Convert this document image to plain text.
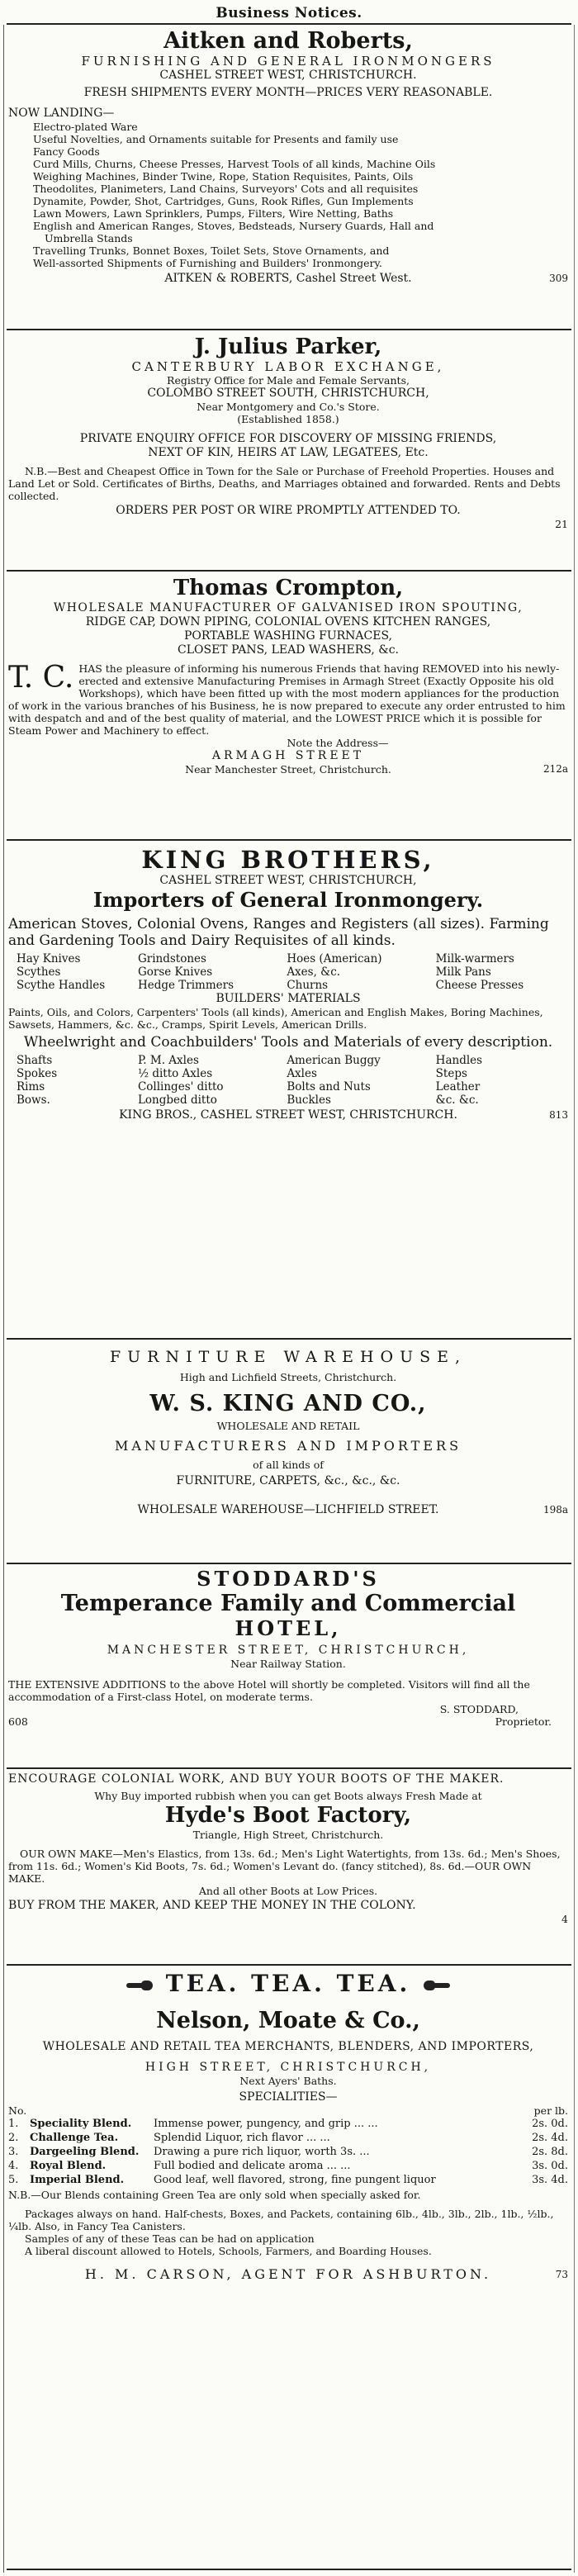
Business Notices.
Aitken and Roberts,
FURNISHING AND GENERAL IRONMONGERS
CASHEL STREET WEST, CHRISTCHURCH.
FRESH SHIPMENTS EVERY MONTH—PRICES VERY REASONABLE.
NOW LANDING—
Electro-plated Ware
Useful Novelties, and Ornaments suitable for Presents and family use
Fancy Goods
Curd Mills, Churns, Cheese Presses, Harvest Tools of all kinds, Machine Oils
Weighing Machines, Binder Twine, Rope, Station Requisites, Paints, Oils
Theodolites, Planimeters, Land Chains, Surveyors' Cots and all requisites
Dynamite, Powder, Shot, Cartridges, Guns, Rook Rifles, Gun Implements
Lawn Mowers, Lawn Sprinklers, Pumps, Filters, Wire Netting, Baths
English and American Ranges, Stoves, Bedsteads, Nursery Guards, Hall and
Umbrella Stands
Travelling Trunks, Bonnet Boxes, Toilet Sets, Stove Ornaments, and
Well-assorted Shipments of Furnishing and Builders' Ironmongery.
AITKEN & ROBERTS, Cashel Street West.	309
J. Julius Parker,
CANTERBURY LABOR EXCHANGE,
Registry Office for Male and Female Servants,
COLOMBO STREET SOUTH, CHRISTCHURCH,
Near Montgomery and Co.'s Store.
(Established 1858.)
PRIVATE ENQUIRY OFFICE FOR DISCOVERY OF MISSING FRIENDS,
NEXT OF KIN, HEIRS AT LAW, LEGATEES, Etc.
N.B.—Best and Cheapest Office in Town for the Sale or Purchase of Freehold Properties. Houses and Land Let or Sold. Certificates of Births, Deaths, and Marriages obtained and forwarded. Rents and Debts collected.
ORDERS PER POST OR WIRE PROMPTLY ATTENDED TO.
21
Thomas Crompton,
WHOLESALE MANUFACTURER OF GALVANISED IRON SPOUTING,
RIDGE CAP, DOWN PIPING, COLONIAL OVENS KITCHEN RANGES,
PORTABLE WASHING FURNACES,
CLOSET PANS, LEAD WASHERS, &c.
T. C. HAS the pleasure of informing his numerous Friends that having REMOVED into his newly-erected and extensive Manufacturing Premises in Armagh Street (Exactly Opposite his old Workshops), which have been fitted up with the most modern appliances for the production of work in the various branches of his Business, he is now prepared to execute any order entrusted to him with despatch and and of the best quality of material, and the LOWEST PRICE which it is possible for Steam Power and Machinery to effect.
Note the Address—
ARMAGH STREET
Near Manchester Street, Christchurch.	212a
KING BROTHERS,
CASHEL STREET WEST, CHRISTCHURCH,
Importers of General Ironmongery.
American Stoves, Colonial Ovens, Ranges and Registers (all sizes). Farming and Gardening Tools and Dairy Requisites of all kinds.
Hay Knives	Grindstones	Hoes (American)	Milk-warmers
Scythes	Gorse Knives	Axes, &c.	Milk Pans
Scythe Handles	Hedge Trimmers	Churns	Cheese Presses
BUILDERS' MATERIALS
Paints, Oils, and Colors, Carpenters' Tools (all kinds), American and English Makes, Boring Machines, Sawsets, Hammers, &c. &c., Cramps, Spirit Levels, American Drills.
Wheelwright and Coachbuilders' Tools and Materials of every description.
Shafts	P. M. Axles	American Buggy	Handles
Spokes	½ ditto Axles	Axles	Steps
Rims	Collinges' ditto	Bolts and Nuts	Leather
Bows.	Longbed ditto	Buckles	&c. &c.
KING BROS., CASHEL STREET WEST, CHRISTCHURCH.	813
FURNITURE WAREHOUSE,
High and Lichfield Streets, Christchurch.
W. S. KING AND CO.,
WHOLESALE AND RETAIL
MANUFACTURERS AND IMPORTERS
of all kinds of
FURNITURE, CARPETS, &c., &c., &c.
WHOLESALE WAREHOUSE—LICHFIELD STREET.	198a
STODDARD'S
Temperance Family and Commercial
HOTEL,
MANCHESTER STREET, CHRISTCHURCH,
Near Railway Station.
THE EXTENSIVE ADDITIONS to the above Hotel will shortly be completed. Visitors will find all the accommodation of a First-class Hotel, on moderate terms.
S. STODDARD,
608	Proprietor.
ENCOURAGE COLONIAL WORK, AND BUY YOUR BOOTS OF THE MAKER.
Why Buy imported rubbish when you can get Boots always Fresh Made at
Hyde's Boot Factory,
Triangle, High Street, Christchurch.
OUR OWN MAKE—Men's Elastics, from 13s. 6d.; Men's Light Watertights, from 13s. 6d.; Men's Shoes, from 11s. 6d.; Women's Kid Boots, 7s. 6d.; Women's Levant do. (fancy stitched), 8s. 6d.—OUR OWN MAKE.
And all other Boots at Low Prices.
BUY FROM THE MAKER, AND KEEP THE MONEY IN THE COLONY.
4
TEA. TEA. TEA.
Nelson, Moate & Co.,
WHOLESALE AND RETAIL TEA MERCHANTS, BLENDERS, AND IMPORTERS,
HIGH STREET, CHRISTCHURCH,
Next Ayers' Baths.
SPECIALITIES—
No.	per lb.
1.	Speciality Blend.	Immense power, pungency, and grip ... ...	2s. 0d.
2.	Challenge Tea.	Splendid Liquor, rich flavor ... ...	2s. 4d.
3.	Dargeeling Blend.	Drawing a pure rich liquor, worth 3s. ...	2s. 8d.
4.	Royal Blend.	Full bodied and delicate aroma ... ...	3s. 0d.
5.	Imperial Blend.	Good leaf, well flavored, strong, fine pungent liquor	3s. 4d.
N.B.—Our Blends containing Green Tea are only sold when specially asked for.
Packages always on hand. Half-chests, Boxes, and Packets, containing 6lb., 4lb., 3lb., 2lb., 1lb., ½lb., ¼lb. Also, in Fancy Tea Canisters.
Samples of any of these Teas can be had on application
A liberal discount allowed to Hotels, Schools, Farmers, and Boarding Houses.
H. M. CARSON, AGENT FOR ASHBURTON.	73
